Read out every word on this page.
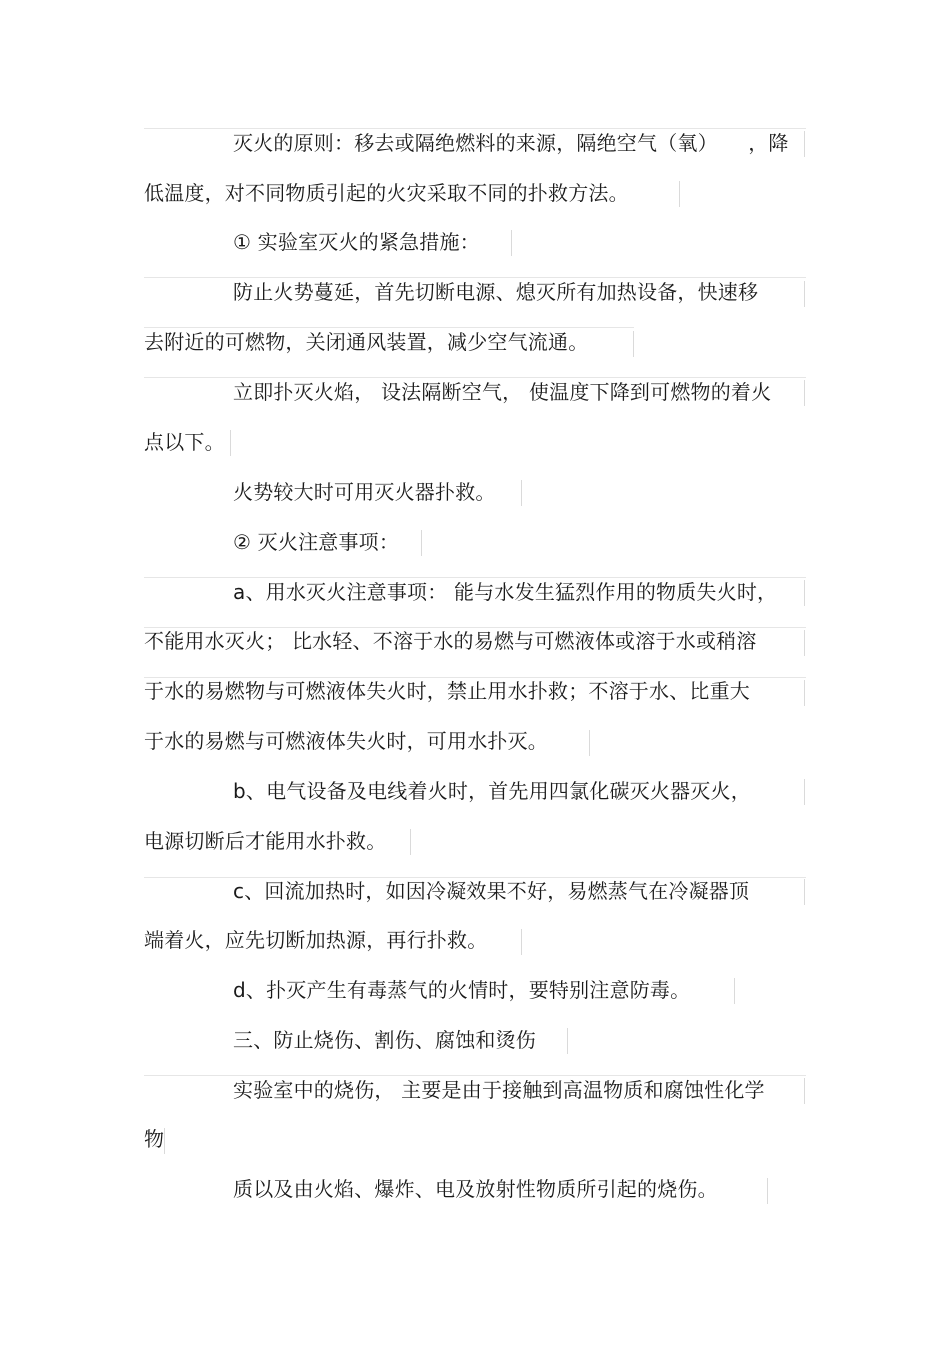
灭火的原则：移去或隔绝燃料的来源，隔绝空气（氧）　　，降
低温度，对不同物质引起的火灾采取不同的扑救方法。
① 实验室灭火的紧急措施：
防止火势蔓延，首先切断电源、熄灭所有加热设备，快速移
去附近的可燃物，关闭通风装置，减少空气流通。
立即扑灭火焰， 设法隔断空气， 使温度下降到可燃物的着火
点以下。
火势较大时可用灭火器扑救。
② 灭火注意事项：
a、用水灭火注意事项： 能与水发生猛烈作用的物质失火时，
不能用水灭火； 比水轻、不溶于水的易燃与可燃液体或溶于水或稍溶
于水的易燃物与可燃液体失火时，禁止用水扑救；不溶于水、比重大
于水的易燃与可燃液体失火时，可用水扑灭。
b、电气设备及电线着火时，首先用四氯化碳灭火器灭火，
电源切断后才能用水扑救。
c、回流加热时，如因冷凝效果不好，易燃蒸气在冷凝器顶
端着火，应先切断加热源，再行扑救。
d、扑灭产生有毒蒸气的火情时，要特别注意防毒。
三、防止烧伤、割伤、腐蚀和烫伤
实验室中的烧伤， 主要是由于接触到高温物质和腐蚀性化学
物
质以及由火焰、爆炸、电及放射性物质所引起的烧伤。
